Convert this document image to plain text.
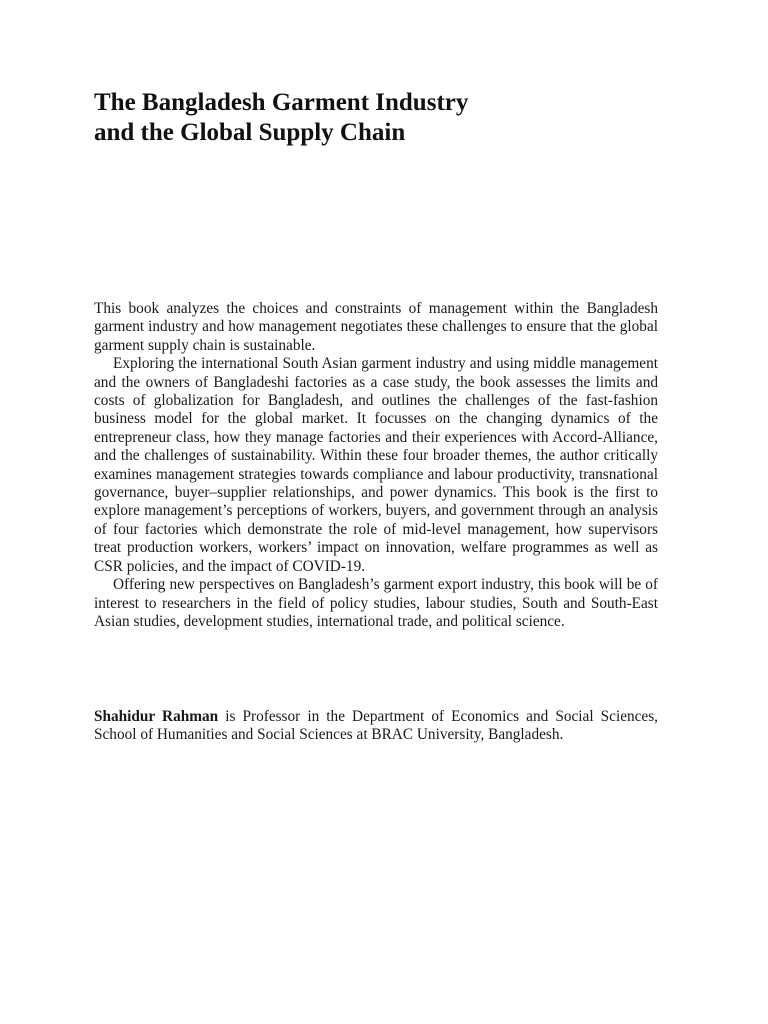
The Bangladesh Garment Industry
and the Global Supply Chain

This book analyzes the choices and constraints of management within the Bangladesh garment industry and how management negotiates these challenges to ensure that the global garment supply chain is sustainable.

Exploring the international South Asian garment industry and using middle management and the owners of Bangladeshi factories as a case study, the book assesses the limits and costs of globalization for Bangladesh, and outlines the challenges of the fast-fashion business model for the global market. It focusses on the changing dynamics of the entrepreneur class, how they manage factories and their experiences with Accord-Alliance, and the challenges of sustainability. Within these four broader themes, the author critically examines management strategies towards compliance and labour productivity, transnational governance, buyer–supplier relationships, and power dynamics. This book is the first to explore management’s perceptions of workers, buyers, and government through an analysis of four factories which demonstrate the role of mid-level management, how supervisors treat production workers, workers’ impact on innovation, welfare programmes as well as CSR policies, and the impact of COVID-19.

Offering new perspectives on Bangladesh’s garment export industry, this book will be of interest to researchers in the field of policy studies, labour studies, South and South-East Asian studies, development studies, international trade, and political science.

Shahidur Rahman is Professor in the Department of Economics and Social Sciences, School of Humanities and Social Sciences at BRAC University, Bangladesh.
